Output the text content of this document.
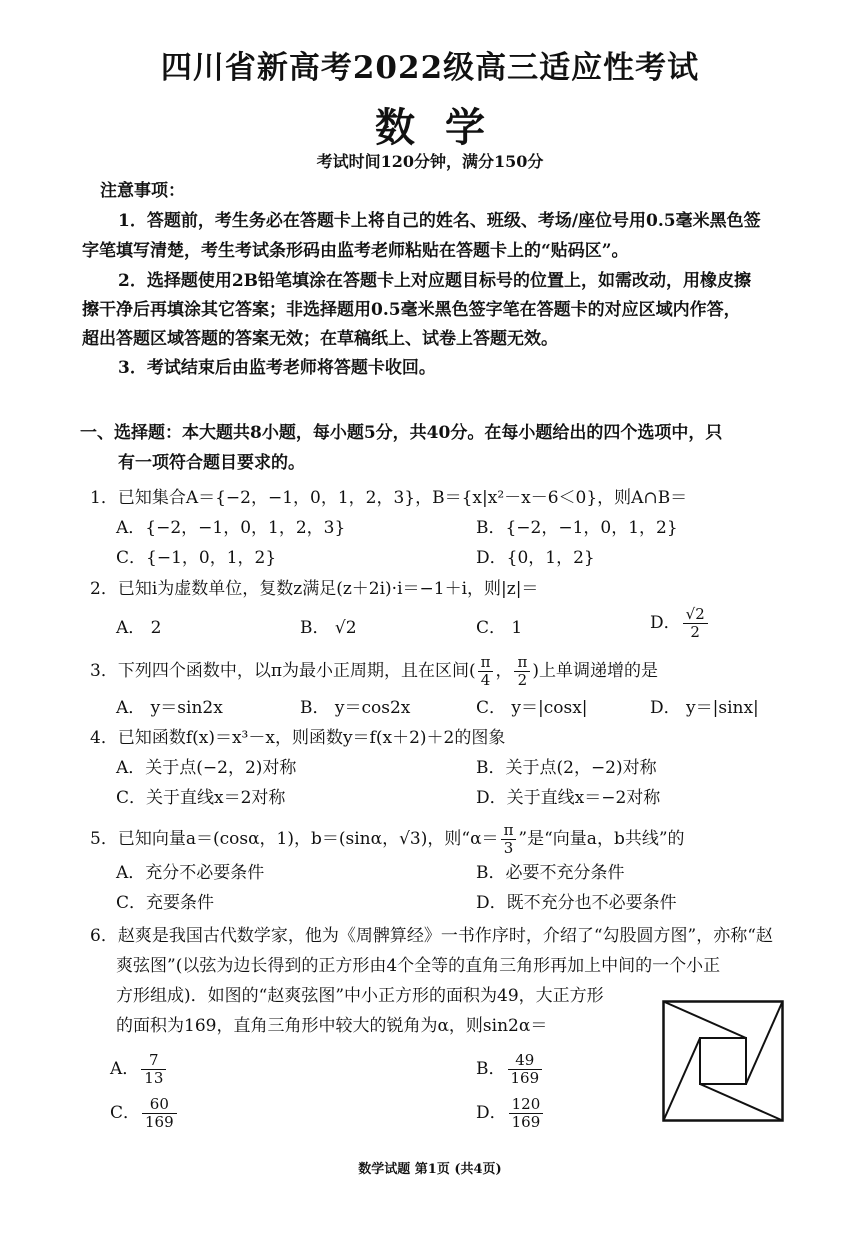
四川省新高考2022级高三适应性考试
数学
考试时间120分钟，满分150分
注意事项：
1．答题前，考生务必在答题卡上将自己的姓名、班级、考场/座位号用0.5毫米黑色签
字笔填写清楚，考生考试条形码由监考老师粘贴在答题卡上的“贴码区”。
2．选择题使用2B铅笔填涂在答题卡上对应题目标号的位置上，如需改动，用橡皮擦
擦干净后再填涂其它答案；非选择题用0.5毫米黑色签字笔在答题卡的对应区域内作答，
超出答题区域答题的答案无效；在草稿纸上、试卷上答题无效。
3．考试结束后由监考老师将答题卡收回。
一、选择题：本大题共8小题，每小题5分，共40分。在每小题给出的四个选项中，只
有一项符合题目要求的。
1．已知集合A＝{−2，−1，0，1，2，3}，B＝{x|x²－x－6＜0}，则A∩B＝
A．{−2，−1，0，1，2，3}	B．{−2，−1，0，1，2}
C．{−1，0，1，2}	D．{0，1，2}
2．已知i为虚数单位，复数z满足(z＋2i)·i＝−1＋i，则|z|＝
A． 2	B． √2	C． 1	D． $\frac{√2}{2}$
3．下列四个函数中，以π为最小正周期，且在区间( $\frac{\pi}{4}$ ， $\frac{\pi}{2}$ )上单调递增的是
A． y＝sin2x	B． y＝cos2x	C． y＝|cosx|	D． y＝|sinx|
4．已知函数f(x)＝x³－x，则函数y＝f(x＋2)＋2的图象
A．关于点(−2，2)对称	B．关于点(2，−2)对称
C．关于直线x＝2对称	D．关于直线x＝−2对称
5．已知向量a＝(cosα，1)，b＝(sinα，√3)，则“$\alpha= \frac{\pi}{3}$ ”是“向量a，b共线”的
A．充分不必要条件	B．必要不充分条件
C．充要条件	D．既不充分也不必要条件
6．赵爽是我国古代数学家，他为《周髀算经》一书作序时，介绍了“勾股圆方图”，亦称“赵
爽弦图”(以弦为边长得到的正方形由4个全等的直角三角形再加上中间的一个小正
方形组成)．如图的“赵爽弦图”中小正方形的面积为49，大正方形
的面积为169，直角三角形中较大的锐角为α，则sin2α＝
A． $\frac{7}{13}$	B． $\frac{49}{169}$
C． $\frac{60}{169}$	D． $\frac{120}{169}$
数学试题 第1页 (共4页)
